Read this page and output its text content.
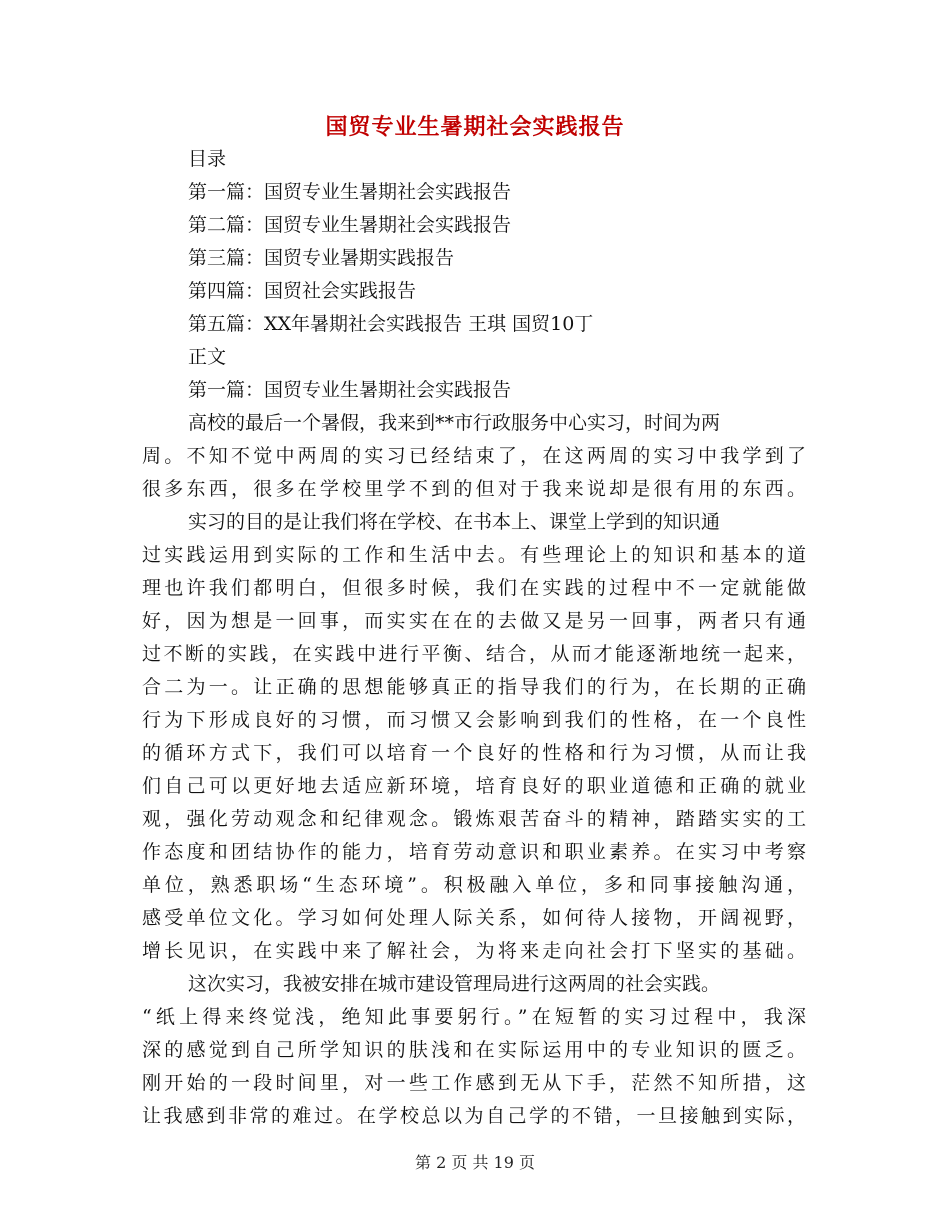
国贸专业生暑期社会实践报告
目录
第一篇：国贸专业生暑期社会实践报告
第二篇：国贸专业生暑期社会实践报告
第三篇：国贸专业暑期实践报告
第四篇：国贸社会实践报告
第五篇：XX年暑期社会实践报告 王琪 国贸10丁
正文
第一篇：国贸专业生暑期社会实践报告
高校的最后一个暑假，我来到**市行政服务中心实习，时间为两
周。不知不觉中两周的实习已经结束了，在这两周的实习中我学到了
很多东西，很多在学校里学不到的但对于我来说却是很有用的东西。
实习的目的是让我们将在学校、在书本上、课堂上学到的知识通
过实践运用到实际的工作和生活中去。有些理论上的知识和基本的道
理也许我们都明白，但很多时候，我们在实践的过程中不一定就能做
好，因为想是一回事，而实实在在的去做又是另一回事，两者只有通
过不断的实践，在实践中进行平衡、结合，从而才能逐渐地统一起来，
合二为一。让正确的思想能够真正的指导我们的行为，在长期的正确
行为下形成良好的习惯，而习惯又会影响到我们的性格，在一个良性
的循环方式下，我们可以培育一个良好的性格和行为习惯，从而让我
们自己可以更好地去适应新环境，培育良好的职业道德和正确的就业
观，强化劳动观念和纪律观念。锻炼艰苦奋斗的精神，踏踏实实的工
作态度和团结协作的能力，培育劳动意识和职业素养。在实习中考察
单位，熟悉职场“生态环境”。积极融入单位，多和同事接触沟通，
感受单位文化。学习如何处理人际关系，如何待人接物，开阔视野，
增长见识，在实践中来了解社会，为将来走向社会打下坚实的基础。
这次实习，我被安排在城市建设管理局进行这两周的社会实践。
“纸上得来终觉浅，绝知此事要躬行。”在短暂的实习过程中，我深
深的感觉到自己所学知识的肤浅和在实际运用中的专业知识的匮乏。
刚开始的一段时间里，对一些工作感到无从下手，茫然不知所措，这
让我感到非常的难过。在学校总以为自己学的不错，一旦接触到实际，
第 2 页 共 19 页
